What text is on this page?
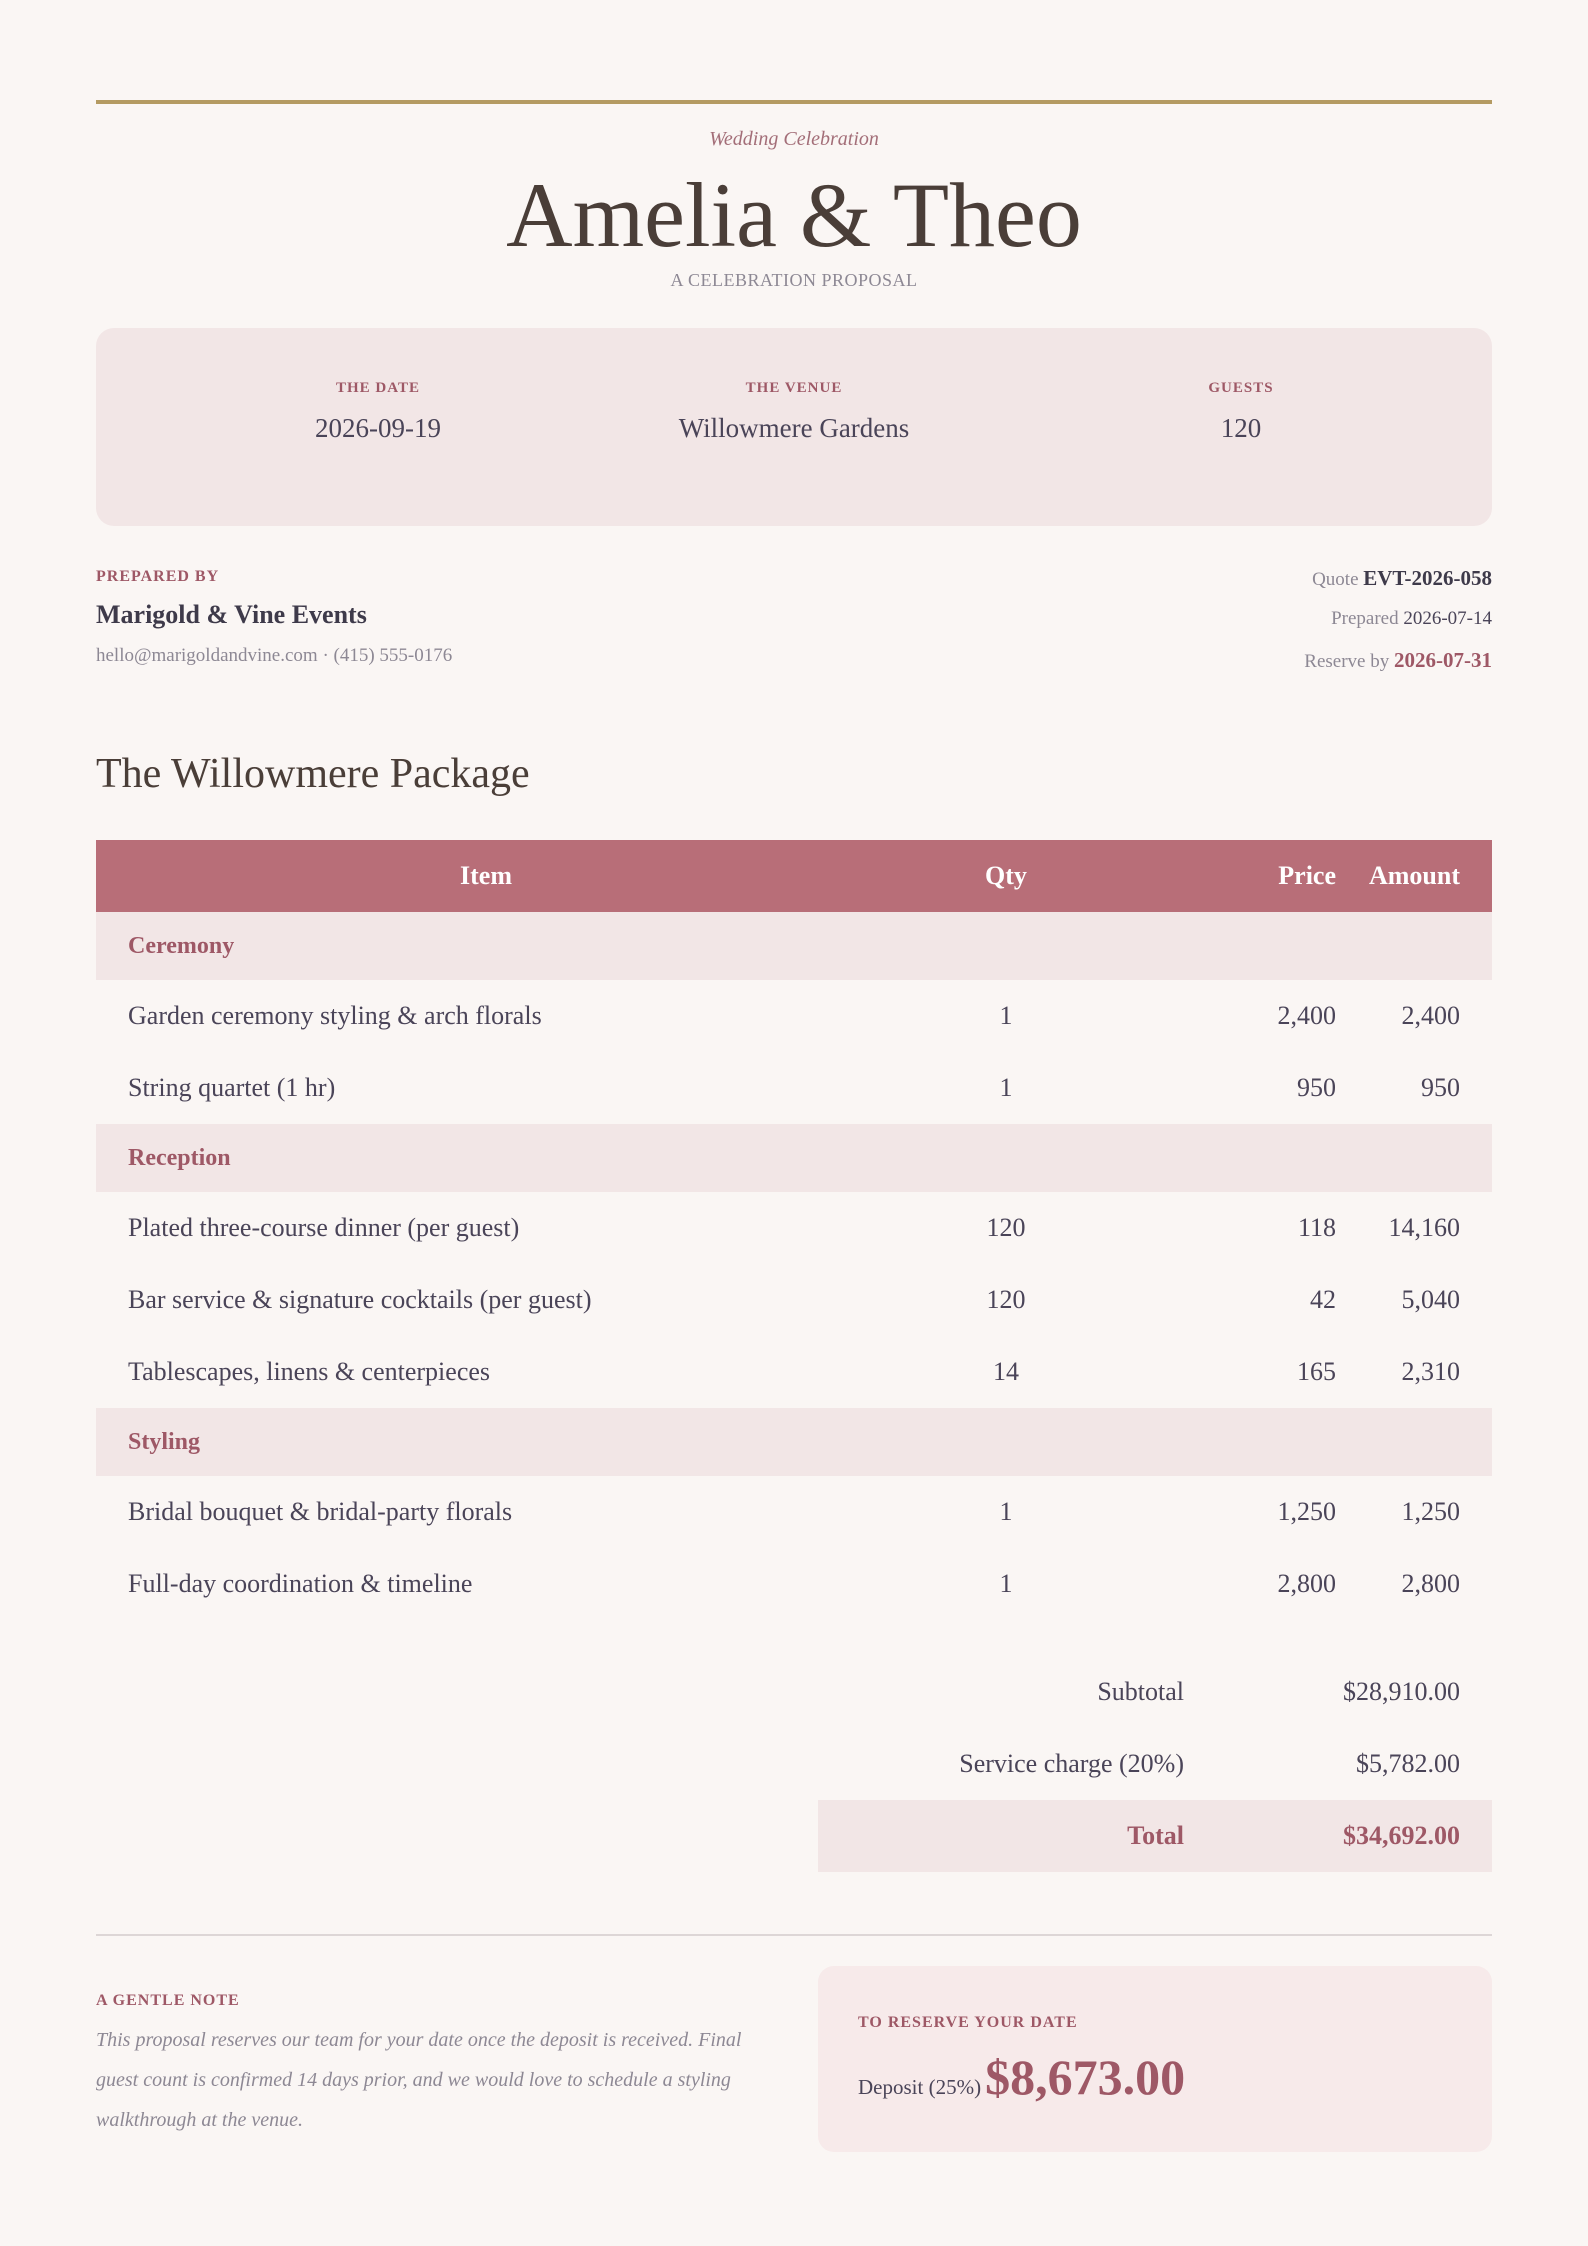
Wedding Celebration
Amelia & Theo
A CELEBRATION PROPOSAL
THE DATE
2026-09-19
THE VENUE
Willowmere Gardens
GUESTS
120
PREPARED BY
Marigold & Vine Events
hello@marigoldandvine.com · (415) 555-0176
Quote EVT-2026-058
Prepared 2026-07-14
Reserve by 2026-07-31
The Willowmere Package
Item	Qty	Price	Amount
Ceremony
Garden ceremony styling & arch florals	1	2,400	2,400
String quartet (1 hr)	1	950	950
Reception
Plated three-course dinner (per guest)	120	118	14,160
Bar service & signature cocktails (per guest)	120	42	5,040
Tablescapes, linens & centerpieces	14	165	2,310
Styling
Bridal bouquet & bridal-party florals	1	1,250	1,250
Full-day coordination & timeline	1	2,800	2,800
Subtotal	$28,910.00
Service charge (20%)	$5,782.00
Total	$34,692.00
A GENTLE NOTE
This proposal reserves our team for your date once the deposit is received. Final guest count is confirmed 14 days prior, and we would love to schedule a styling walkthrough at the venue.
TO RESERVE YOUR DATE
Deposit (25%) $8,673.00
